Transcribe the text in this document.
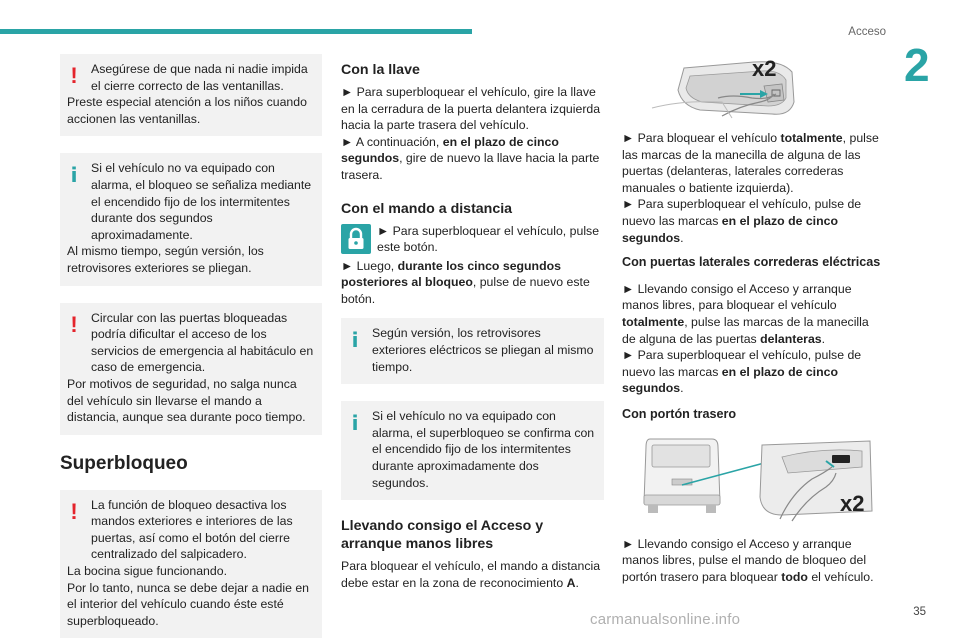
Acceso
2
!	Asegúrese de que nada ni nadie impida el cierre correcto de las ventanillas.
Preste especial atención a los niños cuando accionen las ventanillas.

i	Si el vehículo no va equipado con alarma, el bloqueo se señaliza mediante el encendido fijo de los intermitentes durante dos segundos aproximadamente.
Al mismo tiempo, según versión, los retrovisores exteriores se pliegan.

!	Circular con las puertas bloqueadas podría dificultar el acceso de los servicios de emergencia al habitáculo en caso de emergencia.
Por motivos de seguridad, no salga nunca del vehículo sin llevarse el mando a distancia, aunque sea durante poco tiempo.

Superbloqueo
!	La función de bloqueo desactiva los mandos exteriores e interiores de las puertas, así como el botón del cierre centralizado del salpicadero.
La bocina sigue funcionando.
Por lo tanto, nunca se debe dejar a nadie en el interior del vehículo cuando éste esté superbloqueado.

Con la llave

► Para superbloquear el vehículo, gire la llave en la cerradura de la puerta delantera izquierda hacia la parte trasera del vehículo.

► A continuación, en el plazo de cinco segundos, gire de nuevo la llave hacia la parte trasera.

Con el mando a distancia

► Para superbloquear el vehículo, pulse este botón.

► Luego, durante los cinco segundos posteriores al bloqueo, pulse de nuevo este botón.

i	Según versión, los retrovisores exteriores eléctricos se pliegan al mismo tiempo.

i	Si el vehículo no va equipado con alarma, el superbloqueo se confirma con el encendido fijo de los intermitentes durante aproximadamente dos segundos.

Llevando consigo el Acceso y arranque manos libres

Para bloquear el vehículo, el mando a distancia debe estar en la zona de reconocimiento A.

x2

► Para bloquear el vehículo totalmente, pulse las marcas de la manecilla de alguna de las puertas (delanteras, laterales correderas manuales o batiente izquierda).

► Para superbloquear el vehículo, pulse de nuevo las marcas en el plazo de cinco segundos.

Con puertas laterales correderas eléctricas

► Llevando consigo el Acceso y arranque manos libres, para bloquear el vehículo totalmente, pulse las marcas de la manecilla de alguna de las puertas delanteras.

► Para superbloquear el vehículo, pulse de nuevo las marcas en el plazo de cinco segundos.

Con portón trasero
x2

► Llevando consigo el Acceso y arranque manos libres, pulse el mando de bloqueo del portón trasero para bloquear todo el vehículo.

carmanualsonline.info	35
